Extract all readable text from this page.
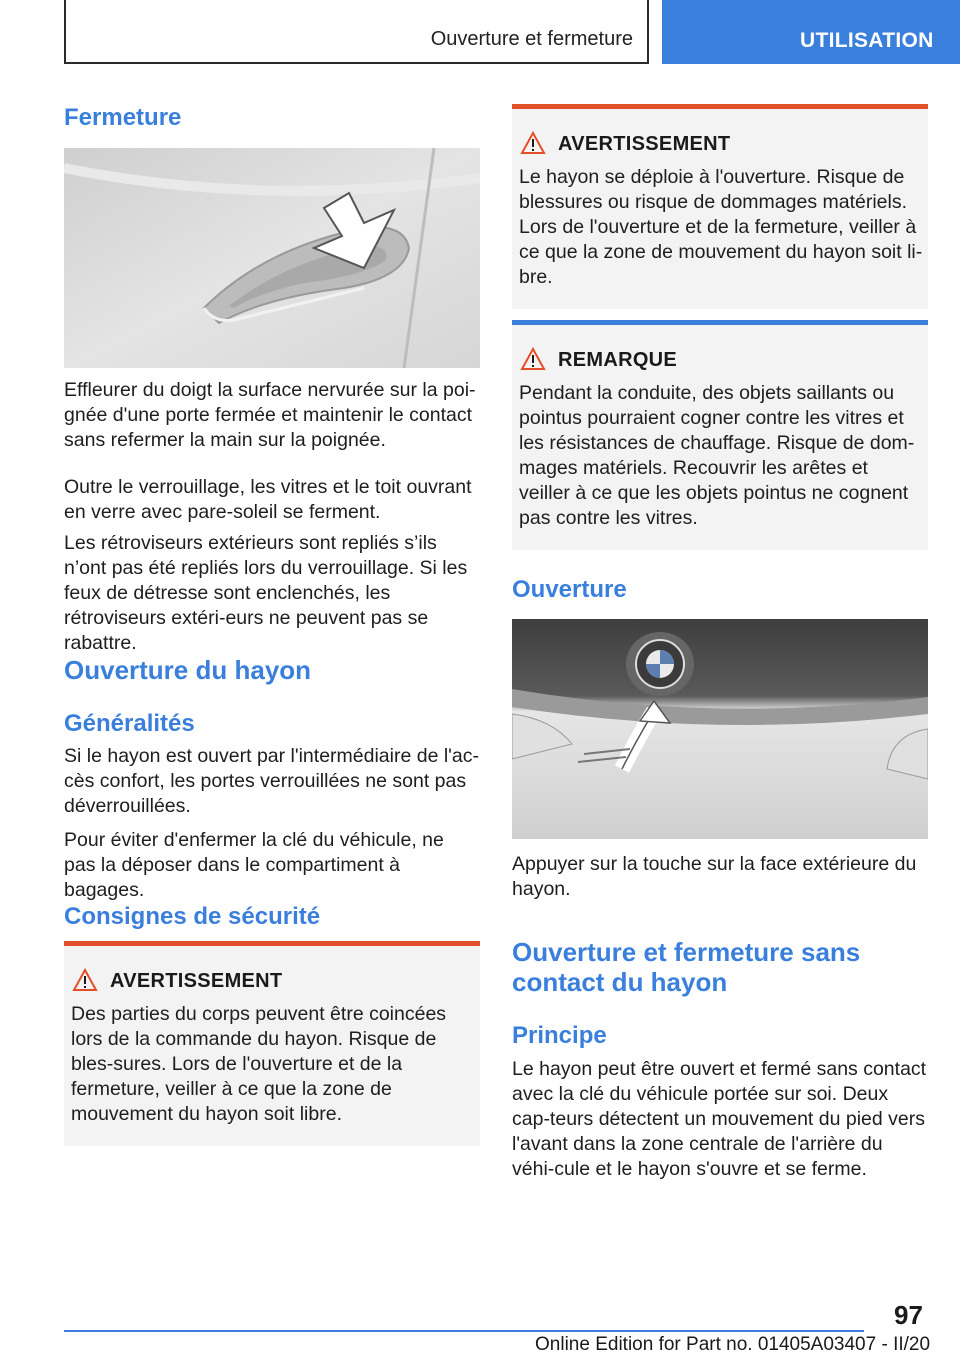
Ouverture et fermeture	UTILISATION
Fermeture
Effleurer du doigt la surface nervurée sur la poi-gnée d'une porte fermée et maintenir le contact sans refermer la main sur la poignée.
Outre le verrouillage, les vitres et le toit ouvrant en verre avec pare-soleil se ferment.
Les rétroviseurs extérieurs sont repliés s’ils n’ont pas été repliés lors du verrouillage. Si les feux de détresse sont enclenchés, les rétroviseurs extéri-eurs ne peuvent pas se rabattre.
Ouverture du hayon
Généralités
Si le hayon est ouvert par l'intermédiaire de l'ac-cès confort, les portes verrouillées ne sont pas déverrouillées.
Pour éviter d'enfermer la clé du véhicule, ne pas la déposer dans le compartiment à bagages.
Consignes de sécurité
AVERTISSEMENT
Des parties du corps peuvent être coincées lors de la commande du hayon. Risque de bles-sures. Lors de l'ouverture et de la fermeture, veiller à ce que la zone de mouvement du hayon soit libre.
AVERTISSEMENT
Le hayon se déploie à l'ouverture. Risque de blessures ou risque de dommages matériels. Lors de l'ouverture et de la fermeture, veiller à ce que la zone de mouvement du hayon soit li-bre.
REMARQUE
Pendant la conduite, des objets saillants ou pointus pourraient cogner contre les vitres et les résistances de chauffage. Risque de dom-mages matériels. Recouvrir les arêtes et veiller à ce que les objets pointus ne cognent pas contre les vitres.
Ouverture
Appuyer sur la touche sur la face extérieure du hayon.
Ouverture et fermeture sans
contact du hayon
Principe
Le hayon peut être ouvert et fermé sans contact avec la clé du véhicule portée sur soi. Deux cap-teurs détectent un mouvement du pied vers l'avant dans la zone centrale de l'arrière du véhi-cule et le hayon s'ouvre et se ferme.
97
Online Edition for Part no. 01405A03407 - II/20
